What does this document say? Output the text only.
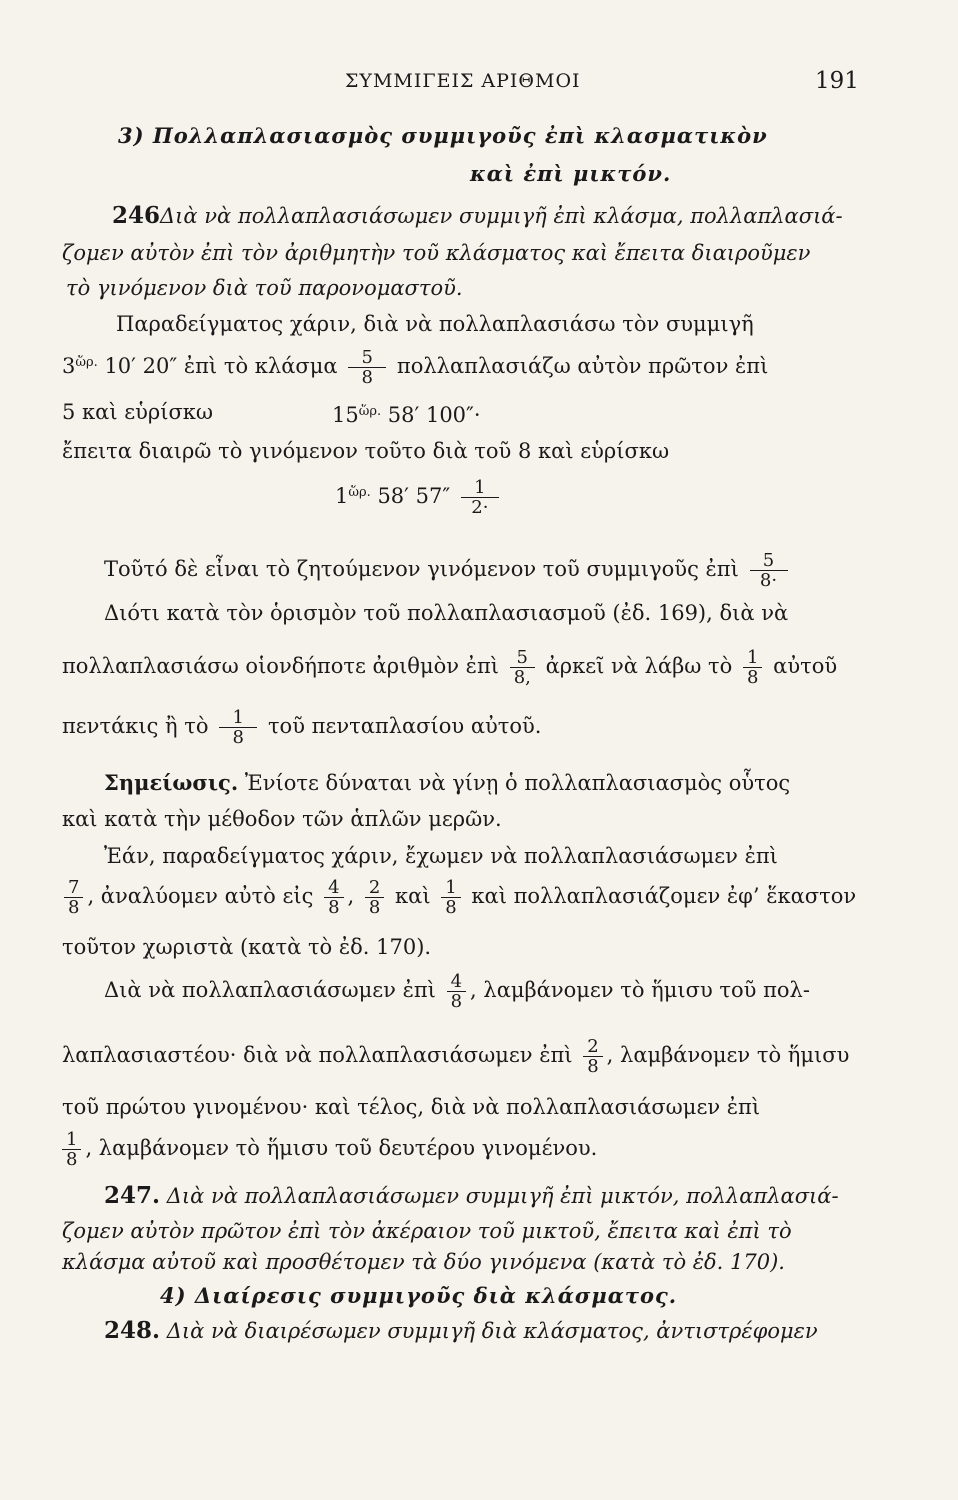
ΣΥΜΜΙΓΕΙΣ ΑΡΙΘΜΟΙ	191
3) Πολλαπλασιασμὸς συμμιγοῦς ἐπὶ κλασματικὸν
καὶ ἐπὶ μικτόν.
246Διὰ νὰ πολλαπλασιάσωμεν συμμιγῆ ἐπὶ κλάσμα, πολλαπλασιά-
ζομεν αὐτὸν ἐπὶ τὸν ἀριθμητὴν τοῦ κλάσματος καὶ ἔπειτα διαιροῦμεν
τὸ γινόμενον διὰ τοῦ παρονομαστοῦ.
Παραδείγματος χάριν, διὰ νὰ πολλαπλασιάσω τὸν συμμιγῆ
$3^{ὥ\rho.}$ 10′ 20″ ἐπὶ τὸ κλάσμα $\frac{5}{8}$ πολλαπλασιάζω αὐτὸν πρῶτον ἐπὶ
5 καὶ εὑρίσκω	$15^{ὥ\rho.}$ 58′ 100″·
ἔπειτα διαιρῶ τὸ γινόμενον τοῦτο διὰ τοῦ 8 καὶ εὑρίσκω
$1^{ὥ\rho.}$ 58′ $57'' \frac{1}{2\cdot}$
Τοῦτό δὲ εἶναι τὸ ζητούμενον γινόμενον τοῦ συμμιγοῦς ἐπὶ $\frac{5}{8\cdot}$
Διότι κατὰ τὸν ὁρισμὸν τοῦ πολλαπλασιασμοῦ (ἐδ. 169), διὰ νὰ
πολλαπλασιάσω οἱονδήποτε ἀριθμὸν ἐπὶ $\frac{5}{8,}$ ἀρκεῖ νὰ λάβω τὸ $\frac{1}{8}$ αὐτοῦ
πεντάκις ἢ τὸ $\frac{1}{8}$ τοῦ πενταπλασίου αὐτοῦ.
Σημείωσις. Ἐνίοτε δύναται νὰ γίνῃ ὁ πολλαπλασιασμὸς οὗτος
καὶ κατὰ τὴν μέθοδον τῶν ἁπλῶν μερῶν.
Ἐάν, παραδείγματος χάριν, ἔχωμεν νὰ πολλαπλασιάσωμεν ἐπὶ
$\frac{7}{8}$ , ἀναλύομεν αὐτὸ εἰς $\frac{4}{8}$ , $\frac{2}{8}$ καὶ $\frac{1}{8}$ καὶ πολλαπλασιάζομεν ἐφ’ ἕκαστον
τοῦτον χωριστὰ (κατὰ τὸ ἐδ. 170).
Διὰ νὰ πολλαπλασιάσωμεν ἐπὶ $\frac{4}{8}$ , λαμβάνομεν τὸ ἥμισυ τοῦ πολ-
λαπλασιαστέου· διὰ νὰ πολλαπλασιάσωμεν ἐπὶ $\frac{2}{8}$ , λαμβάνομεν τὸ ἥμισυ
τοῦ πρώτου γινομένου· καὶ τέλος, διὰ νὰ πολλαπλασιάσωμεν ἐπὶ
$\frac{1}{8}$ , λαμβάνομεν τὸ ἥμισυ τοῦ δευτέρου γινομένου.
247. Διὰ νὰ πολλαπλασιάσωμεν συμμιγῆ ἐπὶ μικτόν, πολλαπλασιά-
ζομεν αὐτὸν πρῶτον ἐπὶ τὸν ἀκέραιον τοῦ μικτοῦ, ἔπειτα καὶ ἐπὶ τὸ
κλάσμα αὐτοῦ καὶ προσθέτομεν τὰ δύο γινόμενα (κατὰ τὸ ἐδ. 170).
4) Διαίρεσις συμμιγοῦς διὰ κλάσματος.
248. Διὰ νὰ διαιρέσωμεν συμμιγῆ διὰ κλάσματος, ἀντιστρέφομεν
